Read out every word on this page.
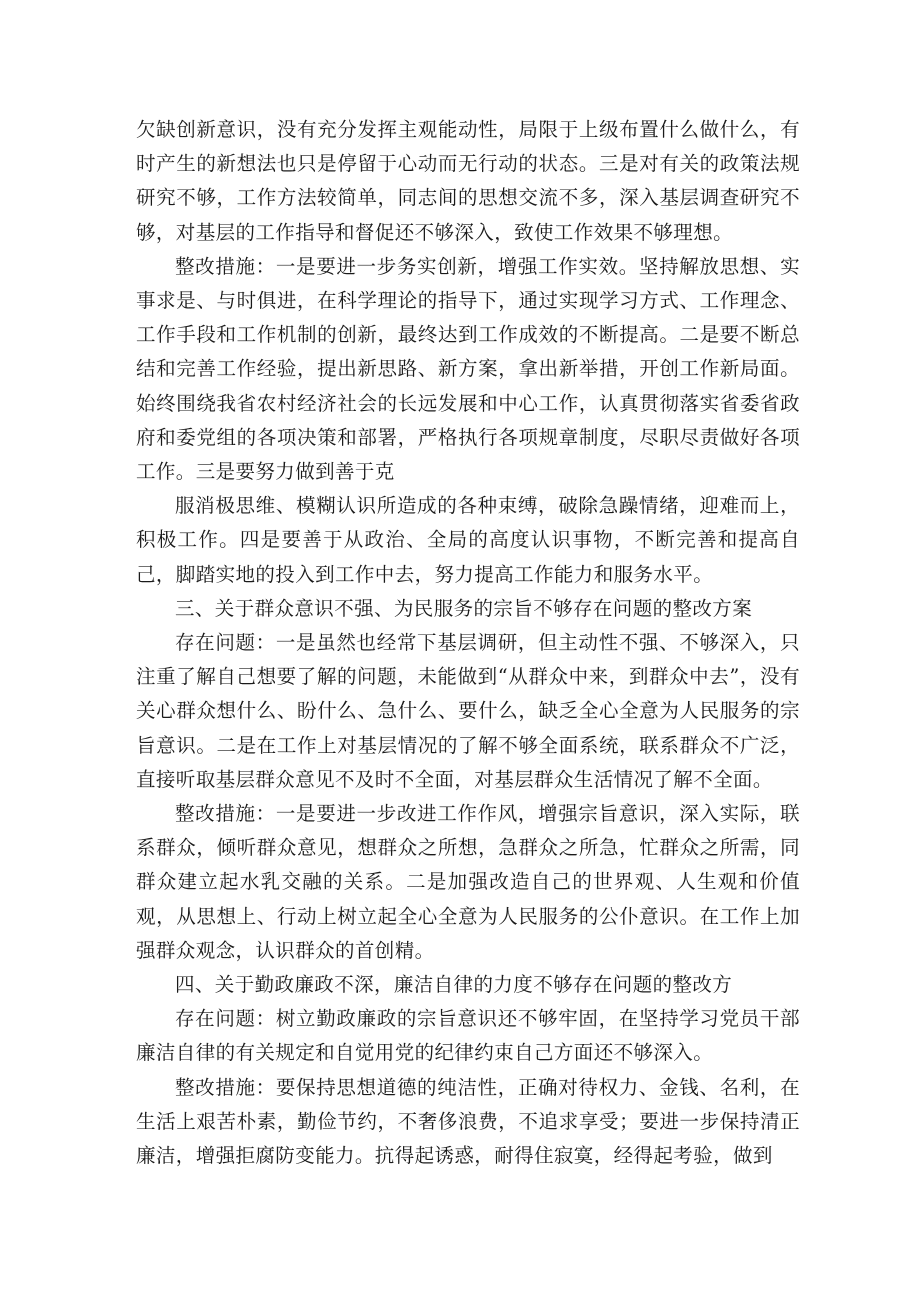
欠缺创新意识，没有充分发挥主观能动性，局限于上级布置什么做什么，有时产生的新想法也只是停留于心动而无行动的状态。三是对有关的政策法规研究不够，工作方法较简单，同志间的思想交流不多，深入基层调查研究不够，对基层的工作指导和督促还不够深入，致使工作效果不够理想。

整改措施：一是要进一步务实创新，增强工作实效。坚持解放思想、实事求是、与时俱进，在科学理论的指导下，通过实现学习方式、工作理念、工作手段和工作机制的创新，最终达到工作成效的不断提高。二是要不断总结和完善工作经验，提出新思路、新方案，拿出新举措，开创工作新局面。始终围绕我省农村经济社会的长远发展和中心工作，认真贯彻落实省委省政府和委党组的各项决策和部署，严格执行各项规章制度，尽职尽责做好各项工作。三是要努力做到善于克

服消极思维、模糊认识所造成的各种束缚，破除急躁情绪，迎难而上，积极工作。四是要善于从政治、全局的高度认识事物，不断完善和提高自己，脚踏实地的投入到工作中去，努力提高工作能力和服务水平。

三、关于群众意识不强、为民服务的宗旨不够存在问题的整改方案

存在问题：一是虽然也经常下基层调研，但主动性不强、不够深入，只注重了解自己想要了解的问题，未能做到“从群众中来，到群众中去”，没有关心群众想什么、盼什么、急什么、要什么，缺乏全心全意为人民服务的宗旨意识。二是在工作上对基层情况的了解不够全面系统，联系群众不广泛，直接听取基层群众意见不及时不全面，对基层群众生活情况了解不全面。

整改措施：一是要进一步改进工作作风，增强宗旨意识，深入实际，联系群众，倾听群众意见，想群众之所想，急群众之所急，忙群众之所需，同群众建立起水乳交融的关系。二是加强改造自己的世界观、人生观和价值观，从思想上、行动上树立起全心全意为人民服务的公仆意识。在工作上加强群众观念，认识群众的首创精。

四、关于勤政廉政不深，廉洁自律的力度不够存在问题的整改方

存在问题：树立勤政廉政的宗旨意识还不够牢固，在坚持学习党员干部廉洁自律的有关规定和自觉用党的纪律约束自己方面还不够深入。

整改措施：要保持思想道德的纯洁性，正确对待权力、金钱、名利，在生活上艰苦朴素，勤俭节约，不奢侈浪费，不追求享受；要进一步保持清正廉洁，增强拒腐防变能力。抗得起诱惑，耐得住寂寞，经得起考验，做到
